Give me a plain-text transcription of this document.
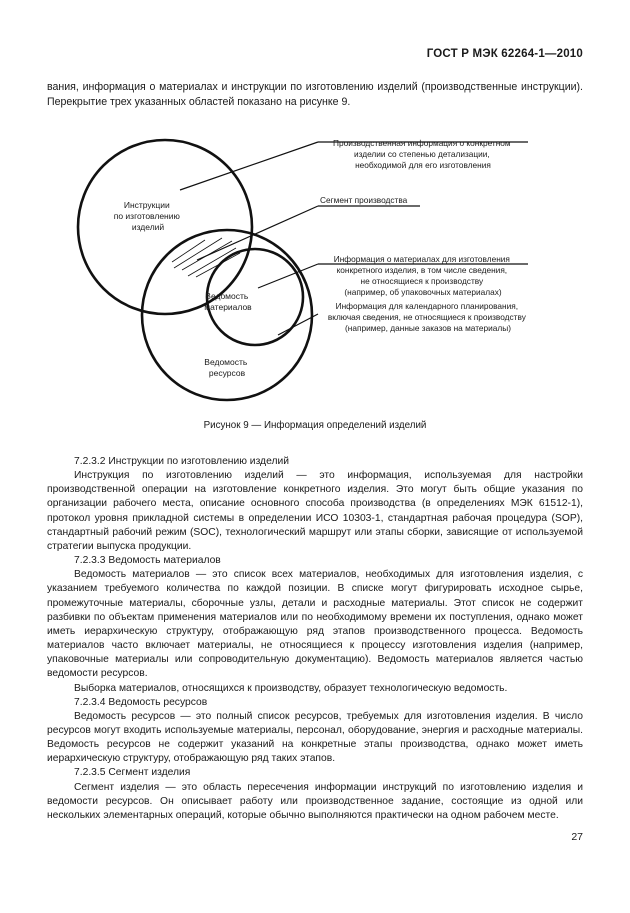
ГОСТ Р МЭК 62264-1—2010
вания, информация о материалах и инструкции по изготовлению изделий (производственные инструкции). Перекрытие трех указанных областей показано на рисунке 9.
Инструкции по изготовлению изделий
Ведомость материалов
Ведомость ресурсов
Производственная информация о конкретном изделии со степенью детализации, необходимой для его изготовления
Сегмент производства
Информация о материалах для изготовления конкретного изделия, в том числе сведения, не относящиеся к производству (например, об упаковочных материалах)
Информация для календарного планирования, включая сведения, не относящиеся к производству (например, данные заказов на материалы)
Рисунок 9 — Информация определений изделий

7.2.3.2 Инструкции по изготовлению изделий

Инструкция по изготовлению изделий — это информация, используемая для настройки производственной операции на изготовление конкретного изделия. Это могут быть общие указания по организации рабочего места, описание основного способа производства (в определениях МЭК 61512-1), протокол уровня прикладной системы в определении ИСО 10303-1, стандартная рабочая процедура (SOP), стандартный рабочий режим (SOC), технологический маршрут или этапы сборки, зависящие от используемой стратегии выпуска продукции.

7.2.3.3 Ведомость материалов

Ведомость материалов — это список всех материалов, необходимых для изготовления изделия, с указанием требуемого количества по каждой позиции. В списке могут фигурировать исходное сырье, промежуточные материалы, сборочные узлы, детали и расходные материалы. Этот список не содержит разбивки по объектам применения материалов или по необходимому времени их поступления, однако может иметь иерархическую структуру, отображающую ряд этапов производственного процесса. Ведомость материалов часто включает материалы, не относящиеся к процессу изготовления изделия (например, упаковочные материалы или сопроводительную документацию). Ведомость материалов является частью ведомости ресурсов.

Выборка материалов, относящихся к производству, образует технологическую ведомость.

7.2.3.4 Ведомость ресурсов

Ведомость ресурсов — это полный список ресурсов, требуемых для изготовления изделия. В число ресурсов могут входить используемые материалы, персонал, оборудование, энергия и расходные материалы. Ведомость ресурсов не содержит указаний на конкретные этапы производства, однако может иметь иерархическую структуру, отображающую ряд таких этапов.

7.2.3.5 Сегмент изделия

Сегмент изделия — это область пересечения информации инструкций по изготовлению изделия и ведомости ресурсов. Он описывает работу или производственное задание, состоящие из одной или нескольких элементарных операций, которые обычно выполняются практически на одном рабочем месте.

27
